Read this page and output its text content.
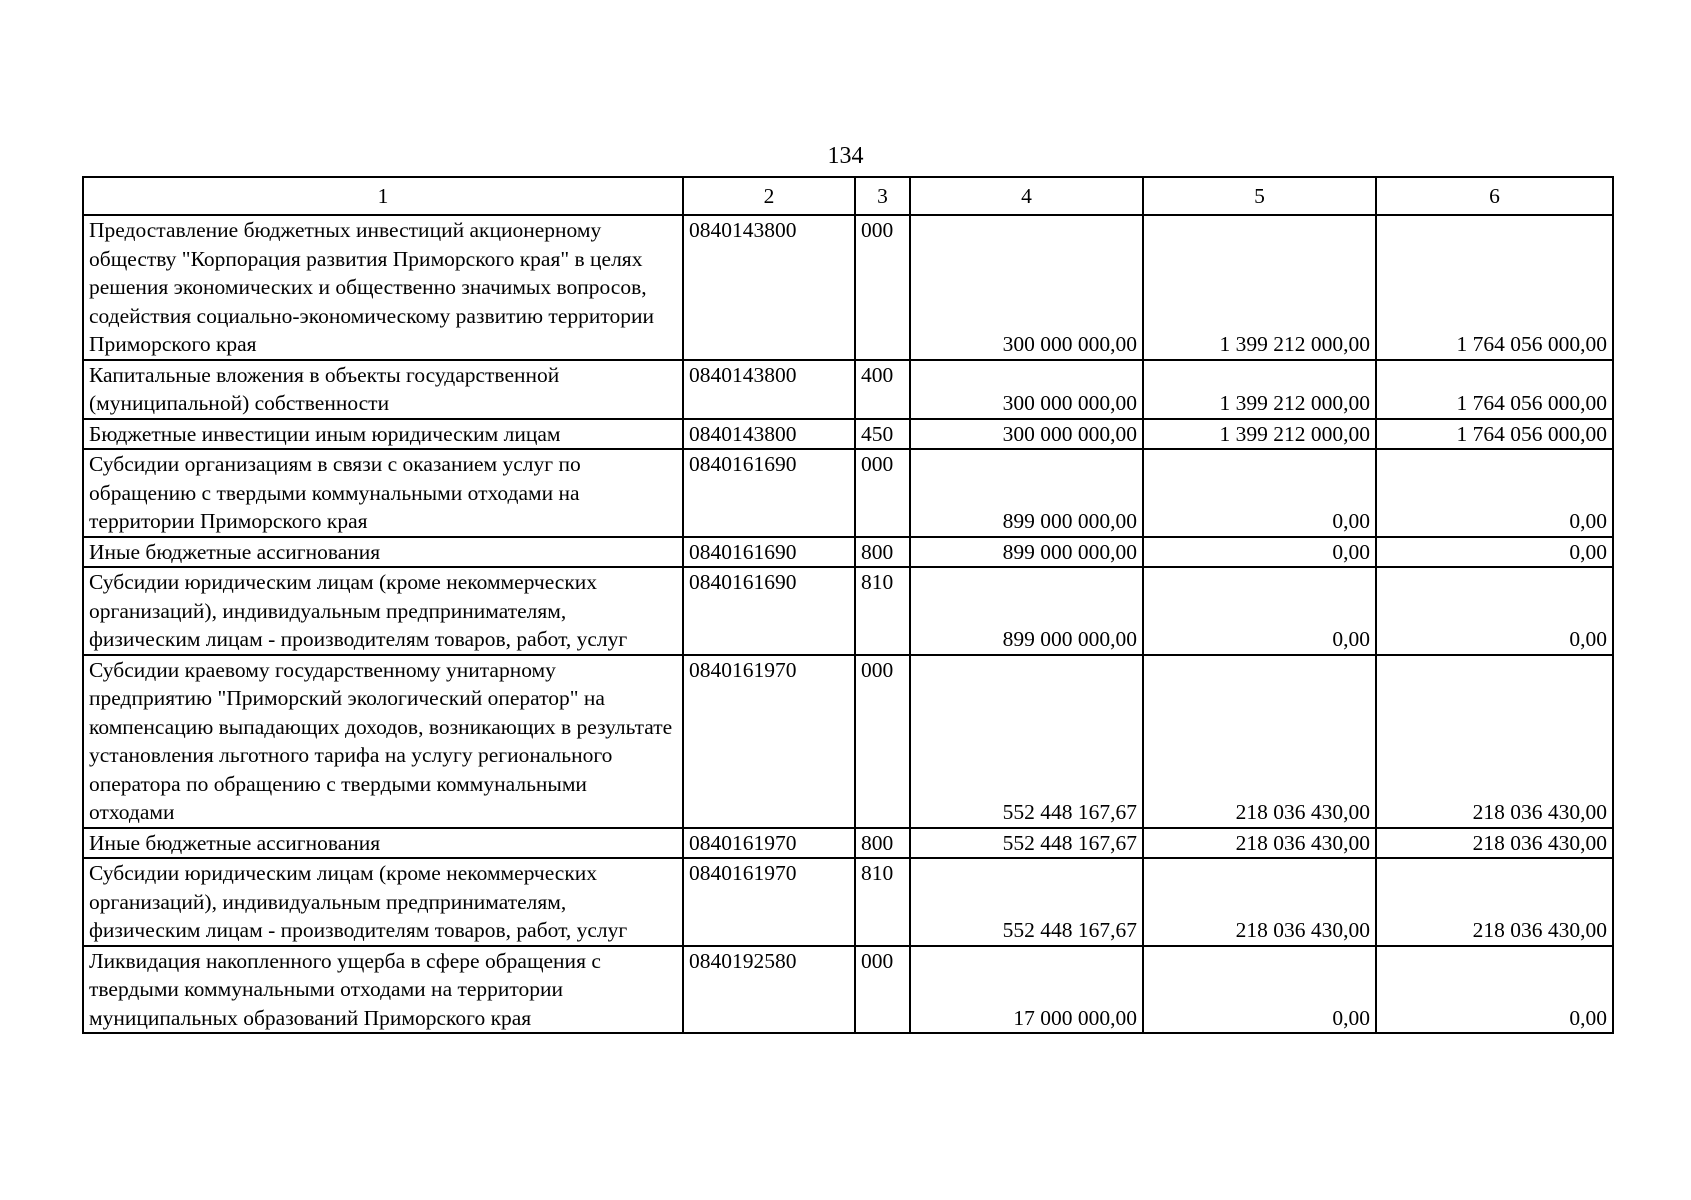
134
1	2	3	4	5	6
Предоставление бюджетных инвестиций акционерному обществу "Корпорация развития Приморского края" в целях решения экономических и общественно значимых вопросов, содействия социально-экономическому развитию территории Приморского края	0840143800	000	300 000 000,00	1 399 212 000,00	1 764 056 000,00
Капитальные вложения в объекты государственной (муниципальной) собственности	0840143800	400	300 000 000,00	1 399 212 000,00	1 764 056 000,00
Бюджетные инвестиции иным юридическим лицам	0840143800	450	300 000 000,00	1 399 212 000,00	1 764 056 000,00
Субсидии организациям в связи с оказанием услуг по обращению с твердыми коммунальными отходами на территории Приморского края	0840161690	000	899 000 000,00	0,00	0,00
Иные бюджетные ассигнования	0840161690	800	899 000 000,00	0,00	0,00
Субсидии юридическим лицам (кроме некоммерческих организаций), индивидуальным предпринимателям, физическим лицам - производителям товаров, работ, услуг	0840161690	810	899 000 000,00	0,00	0,00
Субсидии краевому государственному унитарному предприятию "Приморский экологический оператор" на компенсацию выпадающих доходов, возникающих в результате установления льготного тарифа на услугу регионального оператора по обращению с твердыми коммунальными отходами	0840161970	000	552 448 167,67	218 036 430,00	218 036 430,00
Иные бюджетные ассигнования	0840161970	800	552 448 167,67	218 036 430,00	218 036 430,00
Субсидии юридическим лицам (кроме некоммерческих организаций), индивидуальным предпринимателям, физическим лицам - производителям товаров, работ, услуг	0840161970	810	552 448 167,67	218 036 430,00	218 036 430,00
Ликвидация накопленного ущерба в сфере обращения с твердыми коммунальными отходами на территории муниципальных образований Приморского края	0840192580	000	17 000 000,00	0,00	0,00
